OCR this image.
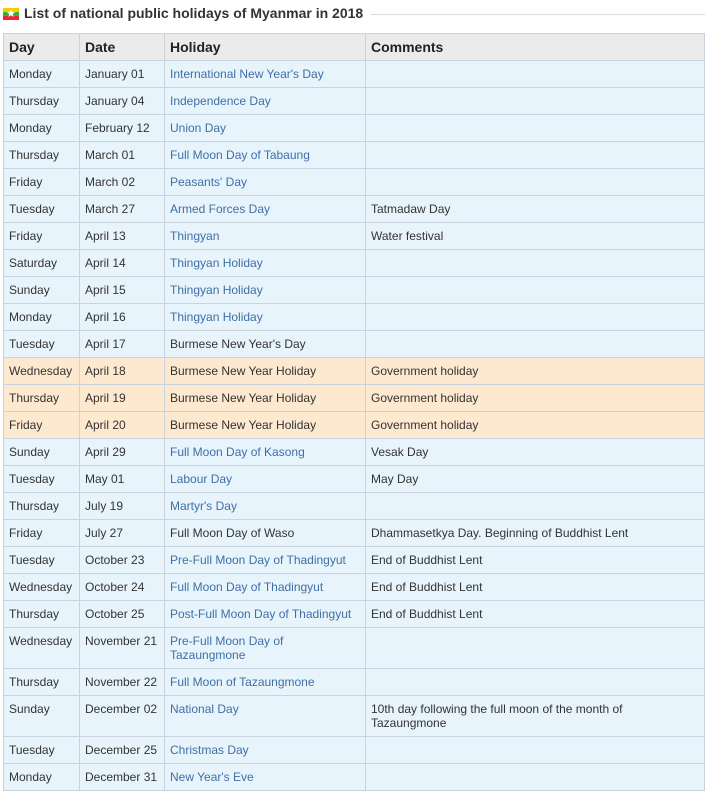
★ List of national public holidays of Myanmar in 2018
Day	Date	Holiday	Comments
Monday	January 01	International New Year's Day	
Thursday	January 04	Independence Day	
Monday	February 12	Union Day	
Thursday	March 01	Full Moon Day of Tabaung	
Friday	March 02	Peasants' Day	
Tuesday	March 27	Armed Forces Day	Tatmadaw Day
Friday	April 13	Thingyan	Water festival
Saturday	April 14	Thingyan Holiday	
Sunday	April 15	Thingyan Holiday	
Monday	April 16	Thingyan Holiday	
Tuesday	April 17	Burmese New Year's Day	
Wednesday	April 18	Burmese New Year Holiday	Government holiday
Thursday	April 19	Burmese New Year Holiday	Government holiday
Friday	April 20	Burmese New Year Holiday	Government holiday
Sunday	April 29	Full Moon Day of Kasong	Vesak Day
Tuesday	May 01	Labour Day	May Day
Thursday	July 19	Martyr's Day	
Friday	July 27	Full Moon Day of Waso	Dhammasetkya Day. Beginning of Buddhist Lent
Tuesday	October 23	Pre-Full Moon Day of Thadingyut	End of Buddhist Lent
Wednesday	October 24	Full Moon Day of Thadingyut	End of Buddhist Lent
Thursday	October 25	Post-Full Moon Day of Thadingyut	End of Buddhist Lent
Wednesday	November 21	Pre-Full Moon Day of Tazaungmone	
Thursday	November 22	Full Moon of Tazaungmone	
Sunday	December 02	National Day	10th day following the full moon of the month of Tazaungmone
Tuesday	December 25	Christmas Day	
Monday	December 31	New Year's Eve	
